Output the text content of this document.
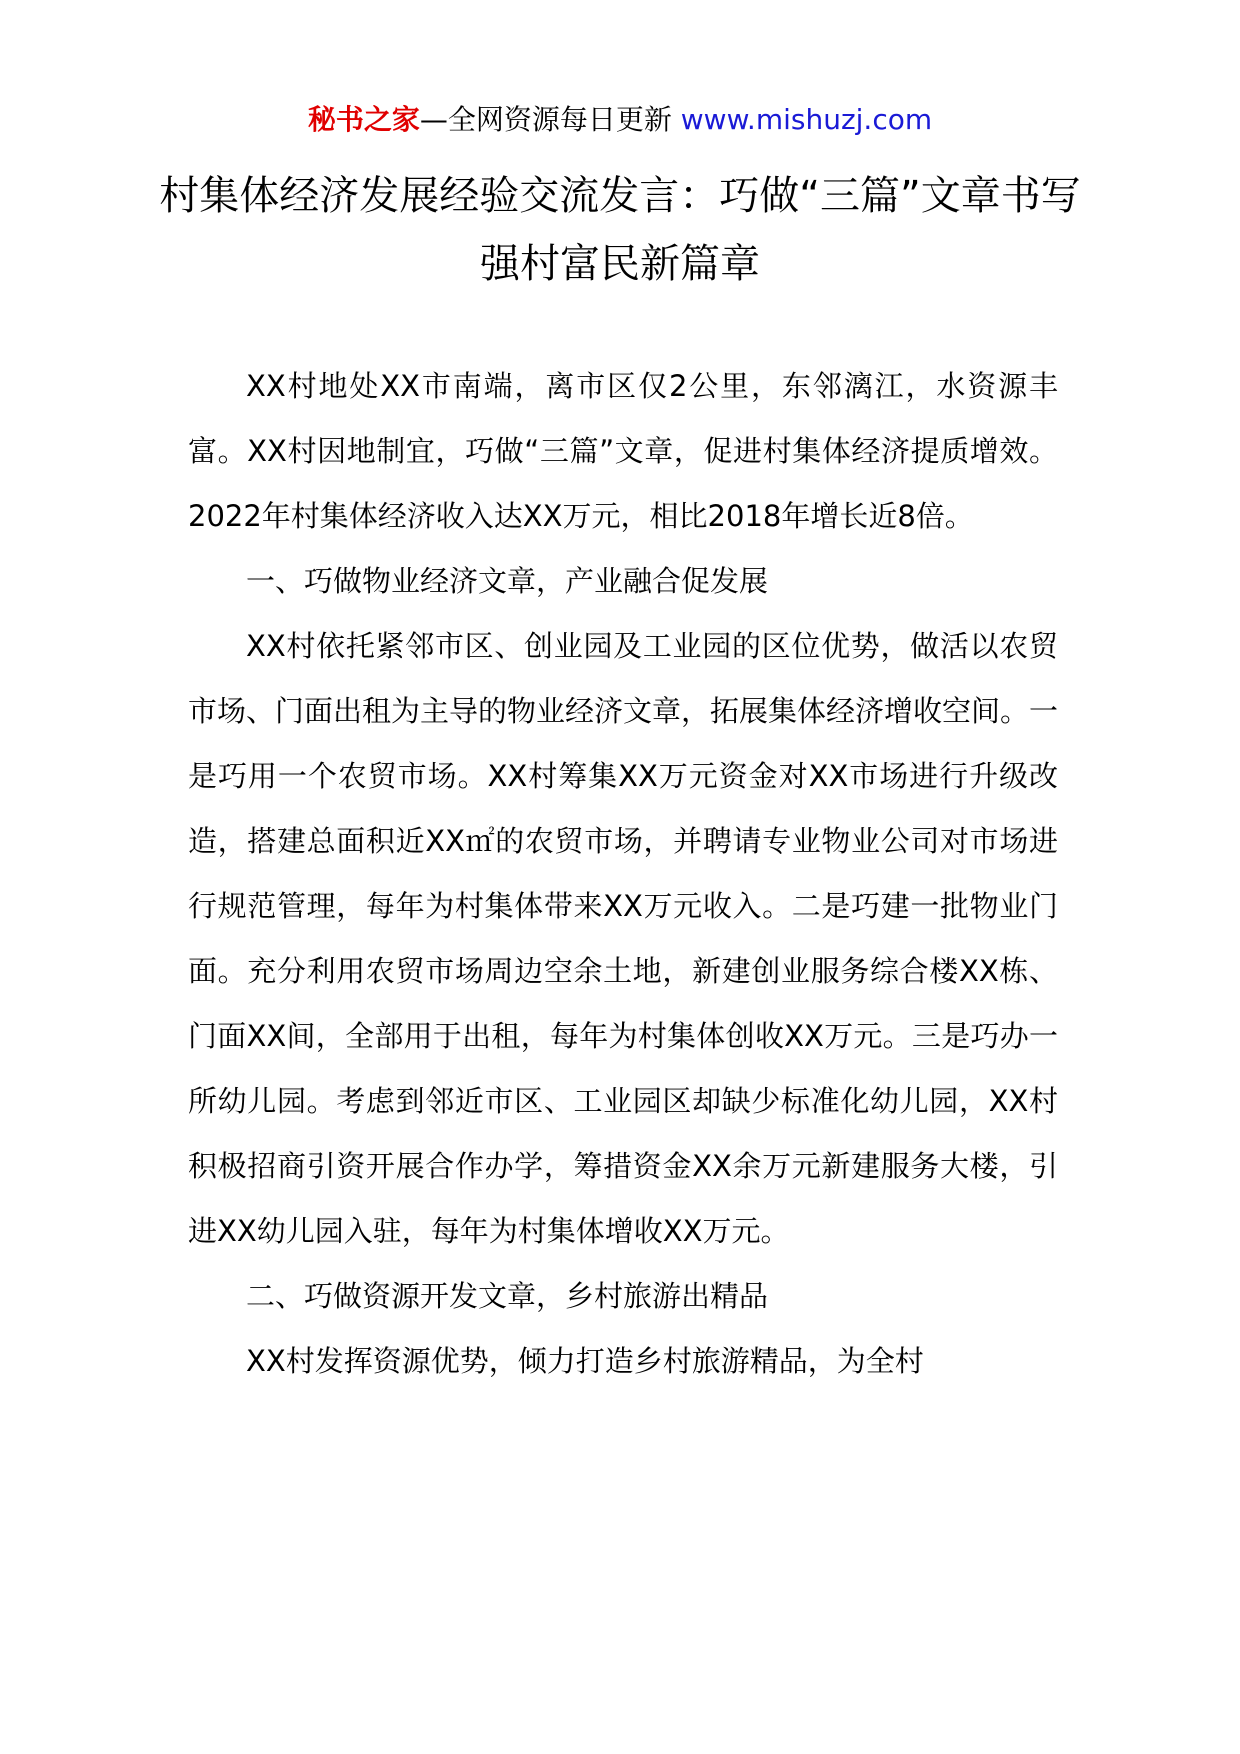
秘书之家—全网资源每日更新 www.mishuzj.com
村集体经济发展经验交流发言：巧做“三篇”文章书写强村富民新篇章

XX村地处XX市南端，离市区仅2公里，东邻漓江，水资源丰富。XX村因地制宜，巧做“三篇”文章，促进村集体经济提质增效。2022年村集体经济收入达XX万元，相比2018年增长近8倍。

一、巧做物业经济文章，产业融合促发展

XX村依托紧邻市区、创业园及工业园的区位优势，做活以农贸市场、门面出租为主导的物业经济文章，拓展集体经济增收空间。一是巧用一个农贸市场。XX村筹集XX万元资金对XX市场进行升级改造，搭建总面积近XX㎡的农贸市场，并聘请专业物业公司对市场进行规范管理，每年为村集体带来XX万元收入。二是巧建一批物业门面。充分利用农贸市场周边空余土地，新建创业服务综合楼XX栋、门面XX间，全部用于出租，每年为村集体创收XX万元。三是巧办一所幼儿园。考虑到邻近市区、工业园区却缺少标准化幼儿园，XX村积极招商引资开展合作办学，筹措资金XX余万元新建服务大楼，引进XX幼儿园入驻，每年为村集体增收XX万元。

二、巧做资源开发文章，乡村旅游出精品

XX村发挥资源优势，倾力打造乡村旅游精品，为全村
